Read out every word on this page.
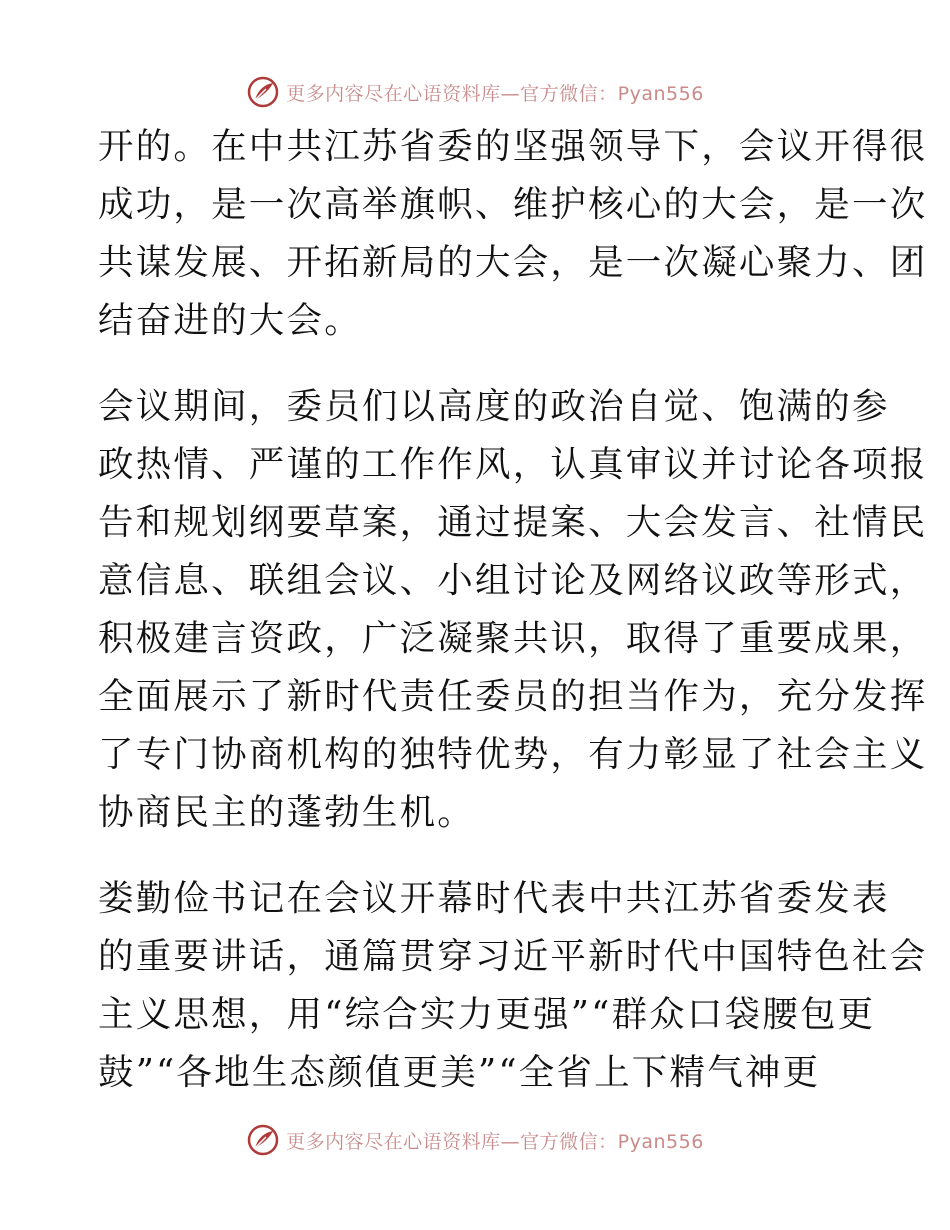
更多内容尽在心语资料库—官方微信：Pyan556

开的。在中共江苏省委的坚强领导下，会议开得很
成功，是一次高举旗帜、维护核心的大会，是一次
共谋发展、开拓新局的大会，是一次凝心聚力、团
结奋进的大会。

会议期间，委员们以高度的政治自觉、饱满的参
政热情、严谨的工作作风，认真审议并讨论各项报
告和规划纲要草案，通过提案、大会发言、社情民
意信息、联组会议、小组讨论及网络议政等形式，
积极建言资政，广泛凝聚共识，取得了重要成果，
全面展示了新时代责任委员的担当作为，充分发挥
了专门协商机构的独特优势，有力彰显了社会主义
协商民主的蓬勃生机。

娄勤俭书记在会议开幕时代表中共江苏省委发表
的重要讲话，通篇贯穿习近平新时代中国特色社会
主义思想，用“综合实力更强”“群众口袋腰包更
鼓”“各地生态颜值更美”“全省上下精气神更

更多内容尽在心语资料库—官方微信：Pyan556
